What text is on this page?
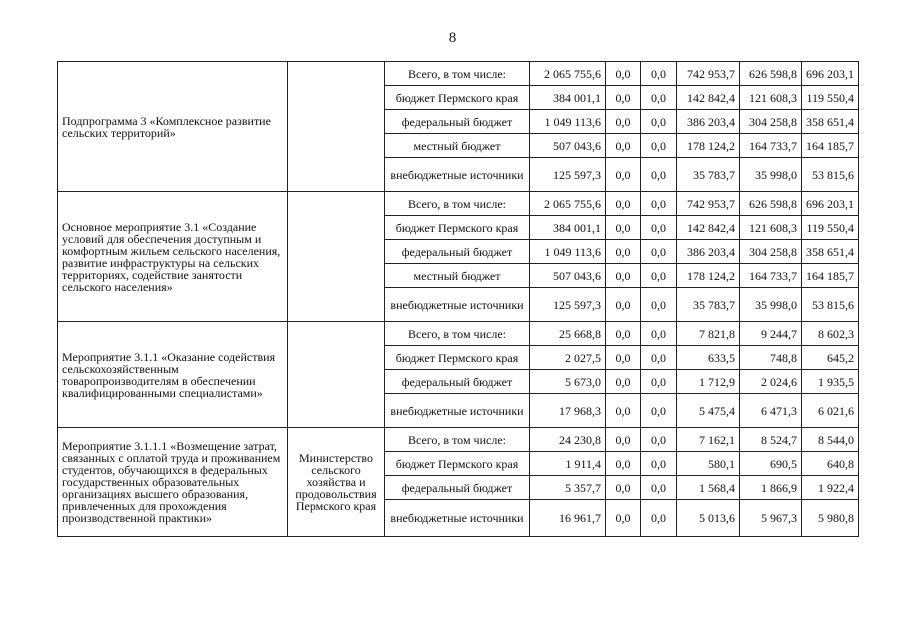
8
Подпрограмма 3 «Комплексное развитие сельских территорий»		Всего, в том числе:	2 065 755,6	0,0	0,0	742 953,7	626 598,8	696 203,1
		бюджет Пермского края	384 001,1	0,0	0,0	142 842,4	121 608,3	119 550,4
		федеральный бюджет	1 049 113,6	0,0	0,0	386 203,4	304 258,8	358 651,4
		местный бюджет	507 043,6	0,0	0,0	178 124,2	164 733,7	164 185,7
		внебюджетные источники	125 597,3	0,0	0,0	35 783,7	35 998,0	53 815,6
Основное мероприятие 3.1 «Создание условий для обеспечения доступным и комфортным жильем сельского населения, развитие инфраструктуры на сельских территориях, содействие занятости сельского населения»		Всего, в том числе:	2 065 755,6	0,0	0,0	742 953,7	626 598,8	696 203,1
		бюджет Пермского края	384 001,1	0,0	0,0	142 842,4	121 608,3	119 550,4
		федеральный бюджет	1 049 113,6	0,0	0,0	386 203,4	304 258,8	358 651,4
		местный бюджет	507 043,6	0,0	0,0	178 124,2	164 733,7	164 185,7
		внебюджетные источники	125 597,3	0,0	0,0	35 783,7	35 998,0	53 815,6
Мероприятие 3.1.1 «Оказание содействия сельскохозяйственным товаропроизводителям в обеспечении квалифицированными специалистами»		Всего, в том числе:	25 668,8	0,0	0,0	7 821,8	9 244,7	8 602,3
		бюджет Пермского края	2 027,5	0,0	0,0	633,5	748,8	645,2
		федеральный бюджет	5 673,0	0,0	0,0	1 712,9	2 024,6	1 935,5
		внебюджетные источники	17 968,3	0,0	0,0	5 475,4	6 471,3	6 021,6
Мероприятие 3.1.1.1 «Возмещение затрат, связанных с оплатой труда и проживанием студентов, обучающихся в федеральных государственных образовательных организациях высшего образования, привлеченных для прохождения производственной практики»	Министерство сельского хозяйства и продовольствия Пермского края	Всего, в том числе:	24 230,8	0,0	0,0	7 162,1	8 524,7	8 544,0
		бюджет Пермского края	1 911,4	0,0	0,0	580,1	690,5	640,8
		федеральный бюджет	5 357,7	0,0	0,0	1 568,4	1 866,9	1 922,4
		внебюджетные источники	16 961,7	0,0	0,0	5 013,6	5 967,3	5 980,8
